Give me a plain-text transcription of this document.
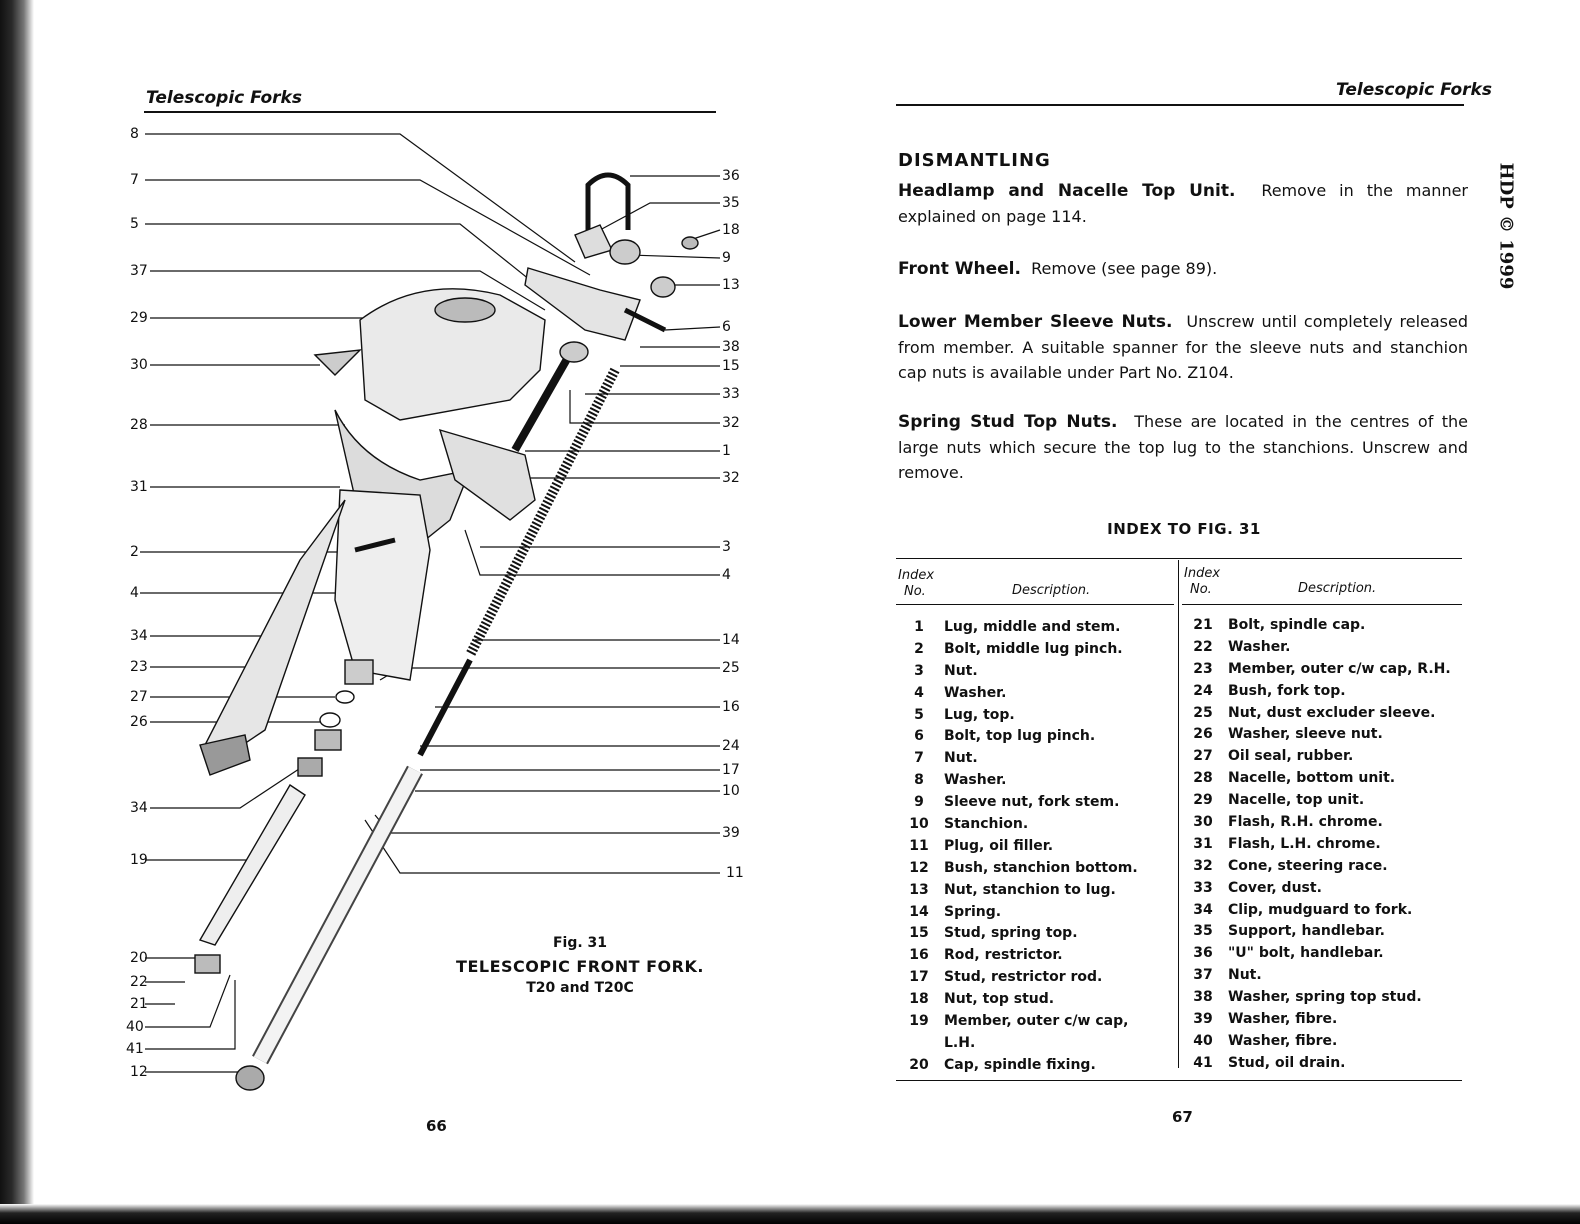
Telescopic Forks
8
7
5
37
29
30
28
31
2
4
34
23
27
26
34
19
20
22
21
40
41
12
36
35
18
9
13
6
38
15
33
32
1
32
3
4
14
25
16
24
17
10
39
11
Fig. 31
TELESCOPIC FRONT FORK.
T20 and T20C
66
Telescopic Forks
HDP © 1999
DISMANTLING
Headlamp and Nacelle Top Unit. Remove in the manner explained on page 114.
Front Wheel. Remove (see page 89).
Lower Member Sleeve Nuts. Unscrew until completely released from member. A suitable spanner for the sleeve nuts and stanchion cap nuts is available under Part No. Z104.
Spring Stud Top Nuts. These are located in the centres of the large nuts which secure the top lug to the stanchions. Unscrew and remove.
INDEX TO FIG. 31
Index
No.	Description.
Index
No.	Description.
1	Lug, middle and stem.
2	Bolt, middle lug pinch.
3	Nut.
4	Washer.
5	Lug, top.
6	Bolt, top lug pinch.
7	Nut.
8	Washer.
9	Sleeve nut, fork stem.
10	Stanchion.
11	Plug, oil filler.
12	Bush, stanchion bottom.
13	Nut, stanchion to lug.
14	Spring.
15	Stud, spring top.
16	Rod, restrictor.
17	Stud, restrictor rod.
18	Nut, top stud.
19	Member, outer c/w cap,
L.H.
20	Cap, spindle fixing.
21	Bolt, spindle cap.
22	Washer.
23	Member, outer c/w cap, R.H.
24	Bush, fork top.
25	Nut, dust excluder sleeve.
26	Washer, sleeve nut.
27	Oil seal, rubber.
28	Nacelle, bottom unit.
29	Nacelle, top unit.
30	Flash, R.H. chrome.
31	Flash, L.H. chrome.
32	Cone, steering race.
33	Cover, dust.
34	Clip, mudguard to fork.
35	Support, handlebar.
36	"U" bolt, handlebar.
37	Nut.
38	Washer, spring top stud.
39	Washer, fibre.
40	Washer, fibre.
41	Stud, oil drain.
67
